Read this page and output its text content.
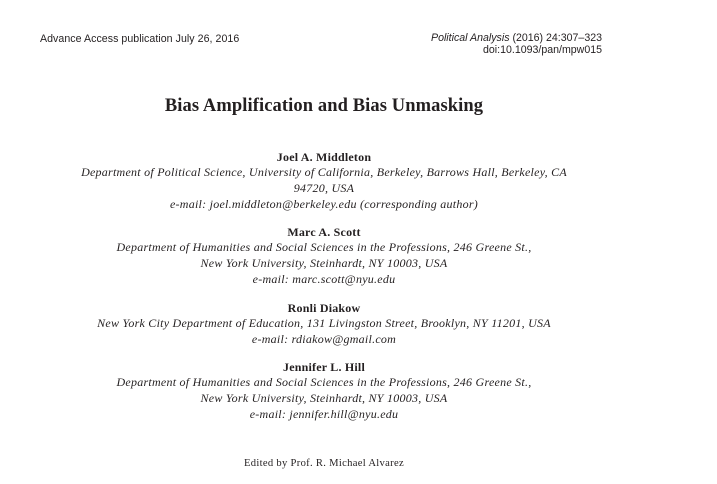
Advance Access publication July 26, 2016	Political Analysis (2016) 24:307–323
doi:10.1093/pan/mpw015
Bias Amplification and Bias Unmasking
Joel A. Middleton
Department of Political Science, University of California, Berkeley, Barrows Hall, Berkeley, CA
94720, USA
e-mail: joel.middleton@berkeley.edu (corresponding author)
Marc A. Scott
Department of Humanities and Social Sciences in the Professions, 246 Greene St.,
New York University, Steinhardt, NY 10003, USA
e-mail: marc.scott@nyu.edu
Ronli Diakow
New York City Department of Education, 131 Livingston Street, Brooklyn, NY 11201, USA
e-mail: rdiakow@gmail.com
Jennifer L. Hill
Department of Humanities and Social Sciences in the Professions, 246 Greene St.,
New York University, Steinhardt, NY 10003, USA
e-mail: jennifer.hill@nyu.edu
Edited by Prof. R. Michael Alvarez
